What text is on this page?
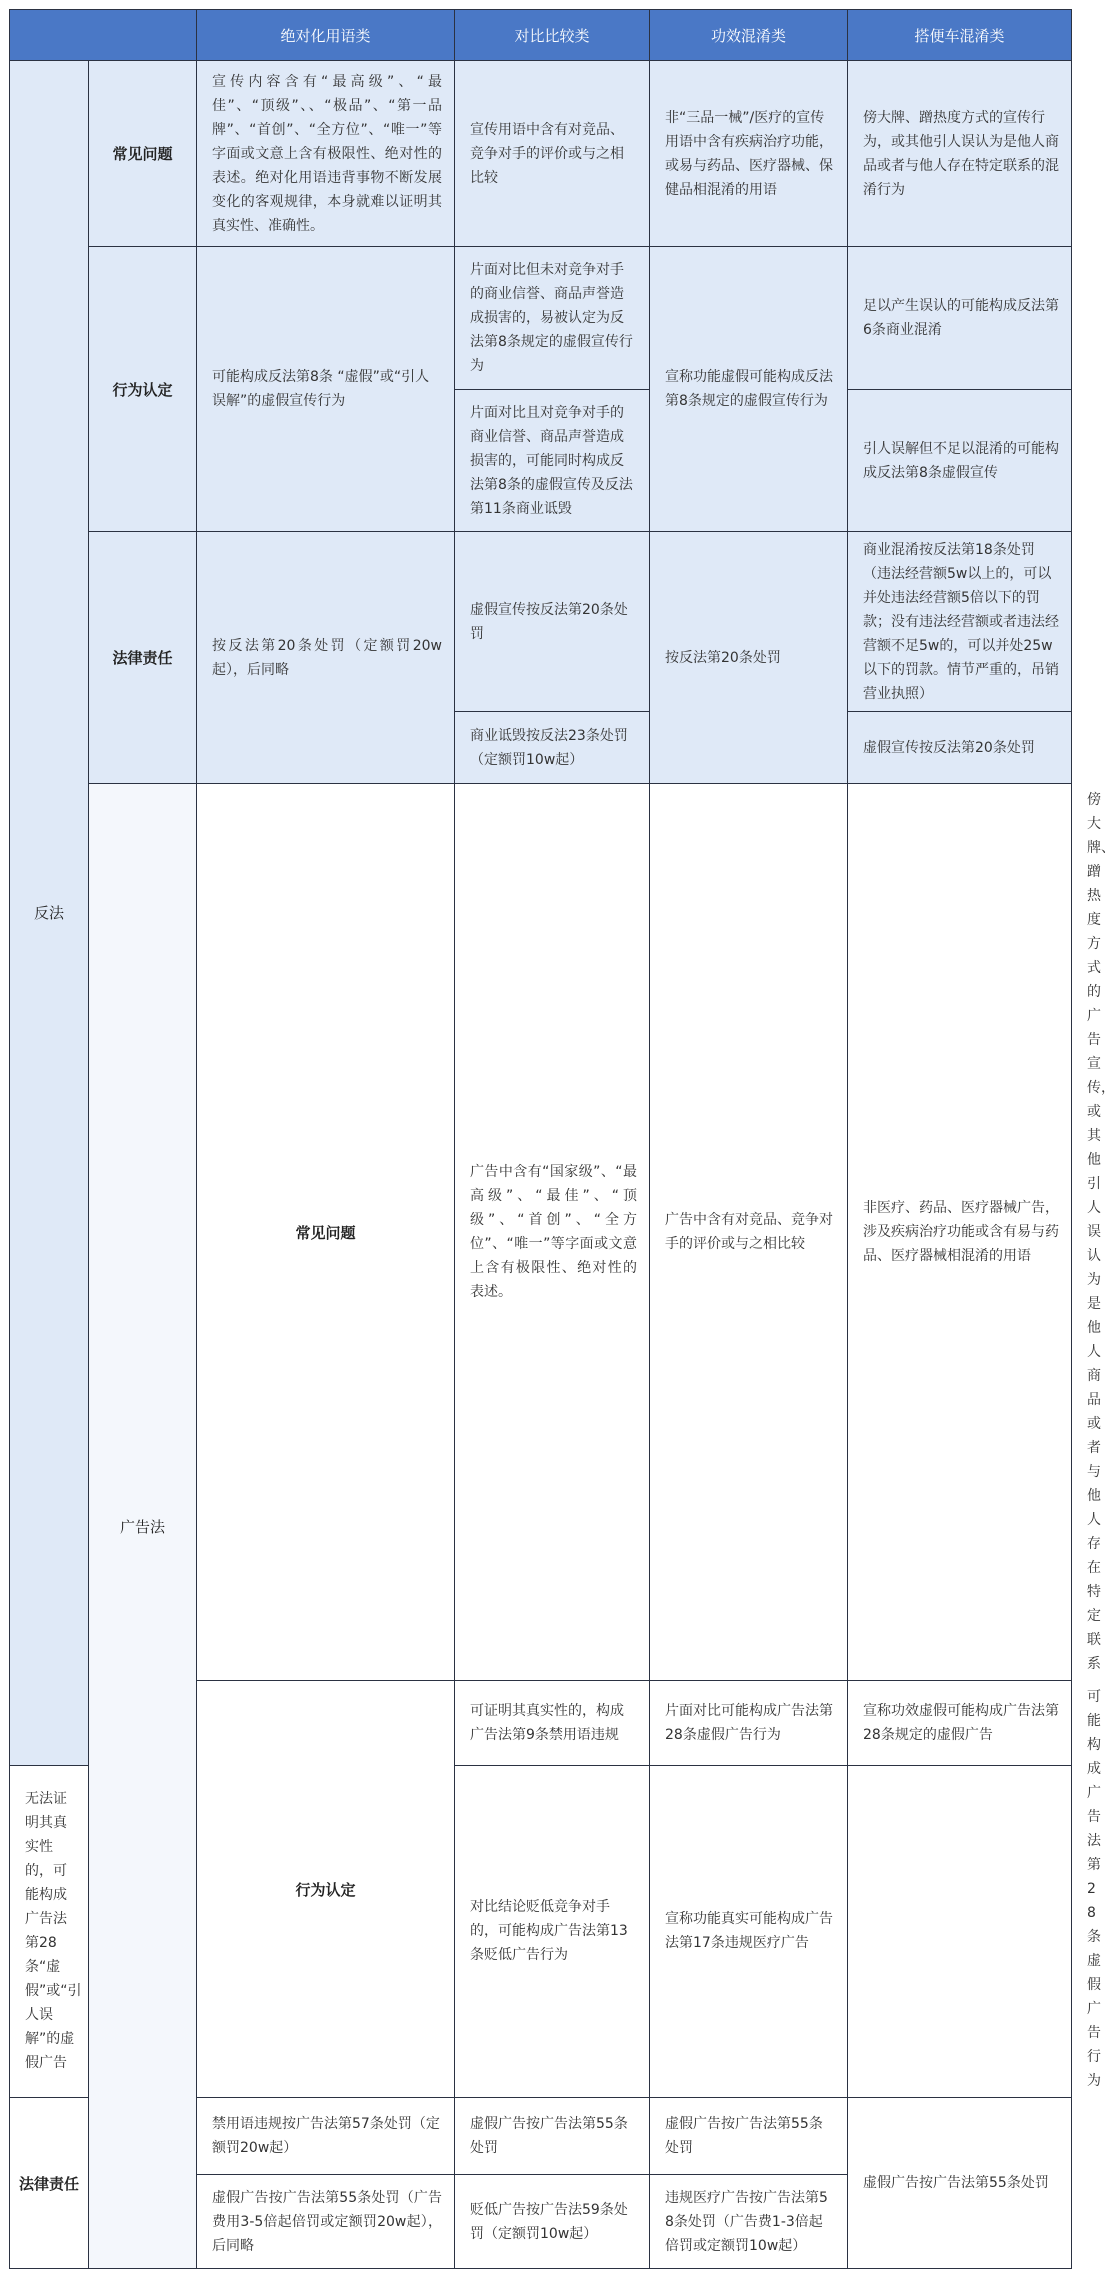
		绝对化用语类	对比比较类	功效混淆类	搭便车混淆类	
反法	常见问题	宣传内容含有“最高级”、“最佳”、“顶级”、、“极品”、“第一品牌”、“首创”、“全方位”、“唯一”等字面或文意上含有极限性、绝对性的表述。绝对化用语违背事物不断发展变化的客观规律，本身就难以证明其真实性、准确性。	宣传用语中含有对竞品、竞争对手的评价或与之相比较	非“三品一械”/医疗的宣传用语中含有疾病治疗功能，或易与药品、医疗器械、保健品相混淆的用语	傍大牌、蹭热度方式的宣传行为，或其他引人误认为是他人商品或者与他人存在特定联系的混淆行为	
	行为认定	可能构成反法第8条 “虚假”或“引人误解”的虚假宣传行为	片面对比但未对竞争对手的商业信誉、商品声誉造成损害的，易被认定为反法第8条规定的虚假宣传行为	宣称功能虚假可能构成反法第8条规定的虚假宣传行为	足以产生误认的可能构成反法第6条商业混淆	
			片面对比且对竞争对手的商业信誉、商品声誉造成损害的，可能同时构成反法第8条的虚假宣传及反法第11条商业诋毁		引人误解但不足以混淆的可能构成反法第8条虚假宣传	
	法律责任	按反法第20条处罚（定额罚20w起），后同略	虚假宣传按反法第20条处罚	按反法第20条处罚	商业混淆按反法第18条处罚（违法经营额5w以上的，可以并处违法经营额5倍以下的罚款；没有违法经营额或者违法经营额不足5w的，可以并处25w以下的罚款。情节严重的，吊销营业执照）	
			商业诋毁按反法23条处罚（定额罚10w起）		虚假宣传按反法第20条处罚	
	广告法	常见问题	广告中含有“国家级”、“最高级”、“最佳”、“顶级”、“首创”、“全方位”、“唯一”等字面或文意上含有极限性、绝对性的表述。	广告中含有对竞品、竞争对手的评价或与之相比较	非医疗、药品、医疗器械广告，涉及疾病治疗功能或含有易与药品、医疗器械相混淆的用语	傍大牌、蹭热度方式的广告宣传，或其他引人误认为是他人商品或者与他人存在特定联系
		行为认定	可证明其真实性的，构成广告法第9条禁用语违规	片面对比可能构成广告法第28条虚假广告行为	宣称功效虚假可能构成广告法第28条规定的虚假广告	可能构成广告法第28条虚假广告行为
无法证明其真实性的，可能构成广告法第28条“虚假”或“引人误解”的虚假广告			对比结论贬低竞争对手的，可能构成广告法第13条贬低广告行为	宣称功能真实可能构成广告法第17条违规医疗广告		
法律责任		禁用语违规按广告法第57条处罚（定额罚20w起）	虚假广告按广告法第55条处罚	虚假广告按广告法第55条处罚	虚假广告按广告法第55条处罚	
		虚假广告按广告法第55条处罚（广告费用3-5倍起倍罚或定额罚20w起），后同略	贬低广告按广告法59条处罚（定额罚10w起）	违规医疗广告按广告法第58条处罚（广告费1-3倍起倍罚或定额罚10w起）		
